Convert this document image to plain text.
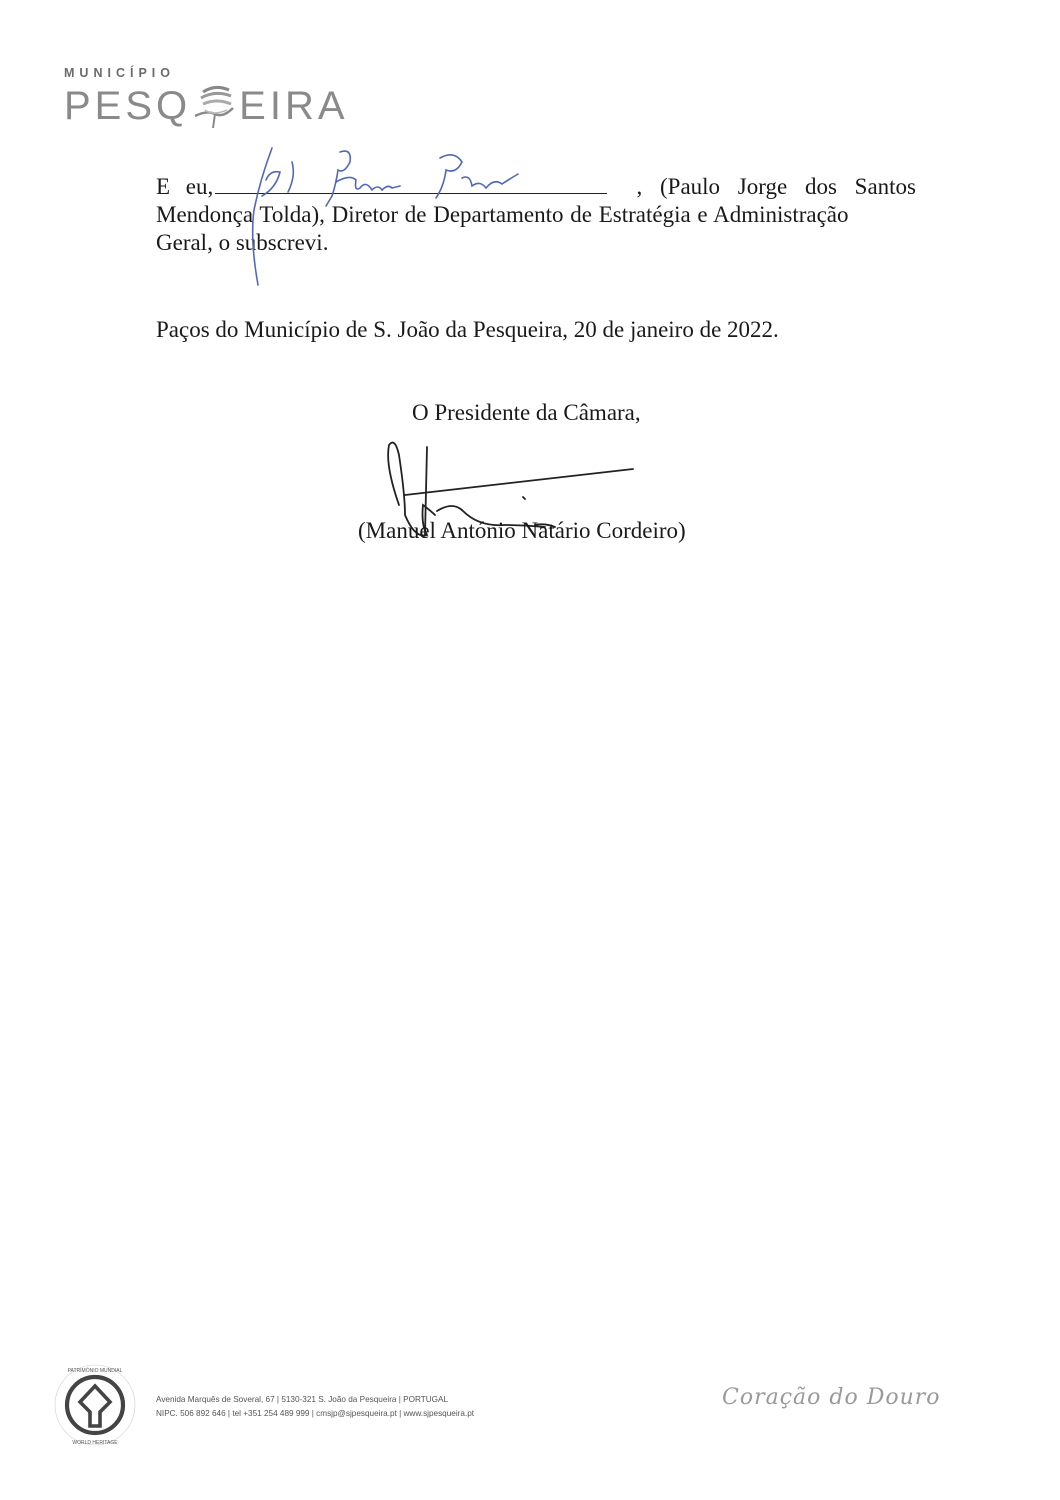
MUNICÍPIO
PESQ EIRA
E eu,	, (Paulo Jorge dos Santos
Mendonça Tolda), Diretor de Departamento de Estratégia e Administração
Geral, o subscrevi.
Paços do Município de S. João da Pesqueira, 20 de janeiro de 2022.
O Presidente da Câmara,
(Manuel António Natário Cordeiro)
PATRIMÓNIO MUNDIAL
WORLD HERITAGE
Avenida Marquês de Soveral, 67 | 5130-321 S. João da Pesqueira | PORTUGAL
NIPC. 506 892 646 | tel +351 254 489 999 | cmsjp@sjpesqueira.pt | www.sjpesqueira.pt
Coração do Douro
